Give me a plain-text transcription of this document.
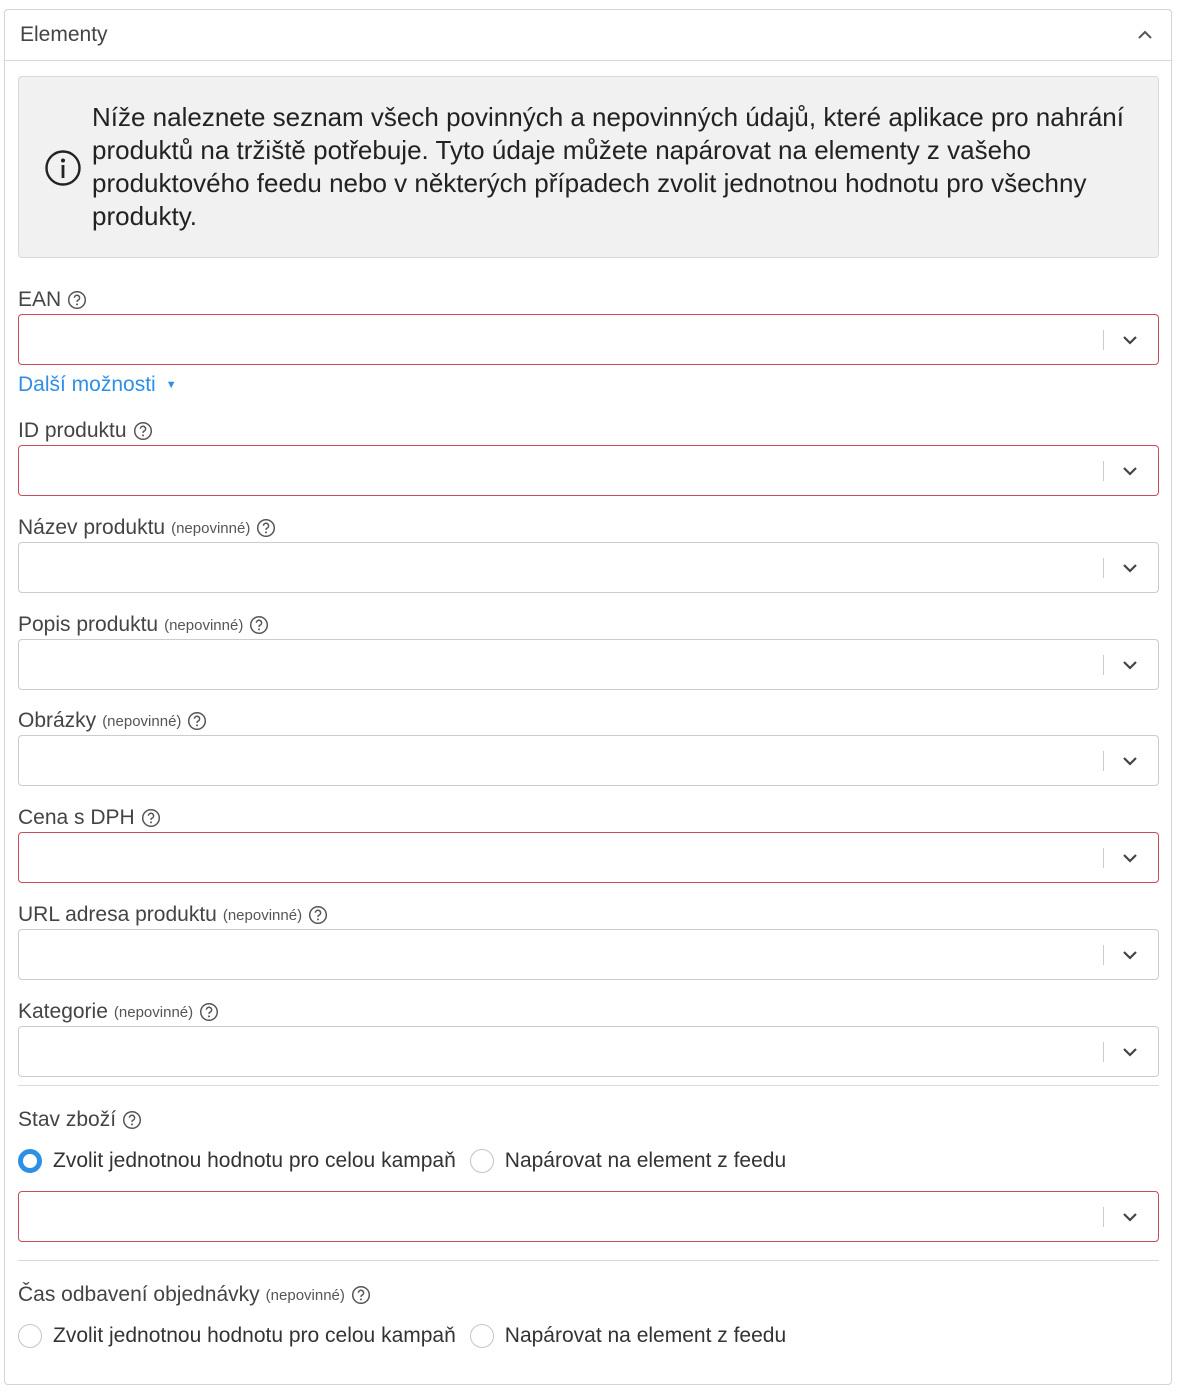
Elementy
Níže naleznete seznam všech povinných a nepovinných údajů, které aplikace pro nahrání produktů na tržiště potřebuje. Tyto údaje můžete napárovat na elementy z vašeho produktového feedu nebo v některých případech zvolit jednotnou hodnotu pro všechny produkty.
EAN
Další možnosti ▼
ID produktu
Název produktu (nepovinné)
Popis produktu (nepovinné)
Obrázky (nepovinné)
Cena s DPH
URL adresa produktu (nepovinné)
Kategorie (nepovinné)
Stav zboží
Zvolit jednotnou hodnotu pro celou kampaň Napárovat na element z feedu
Čas odbavení objednávky (nepovinné)
Zvolit jednotnou hodnotu pro celou kampaň Napárovat na element z feedu
